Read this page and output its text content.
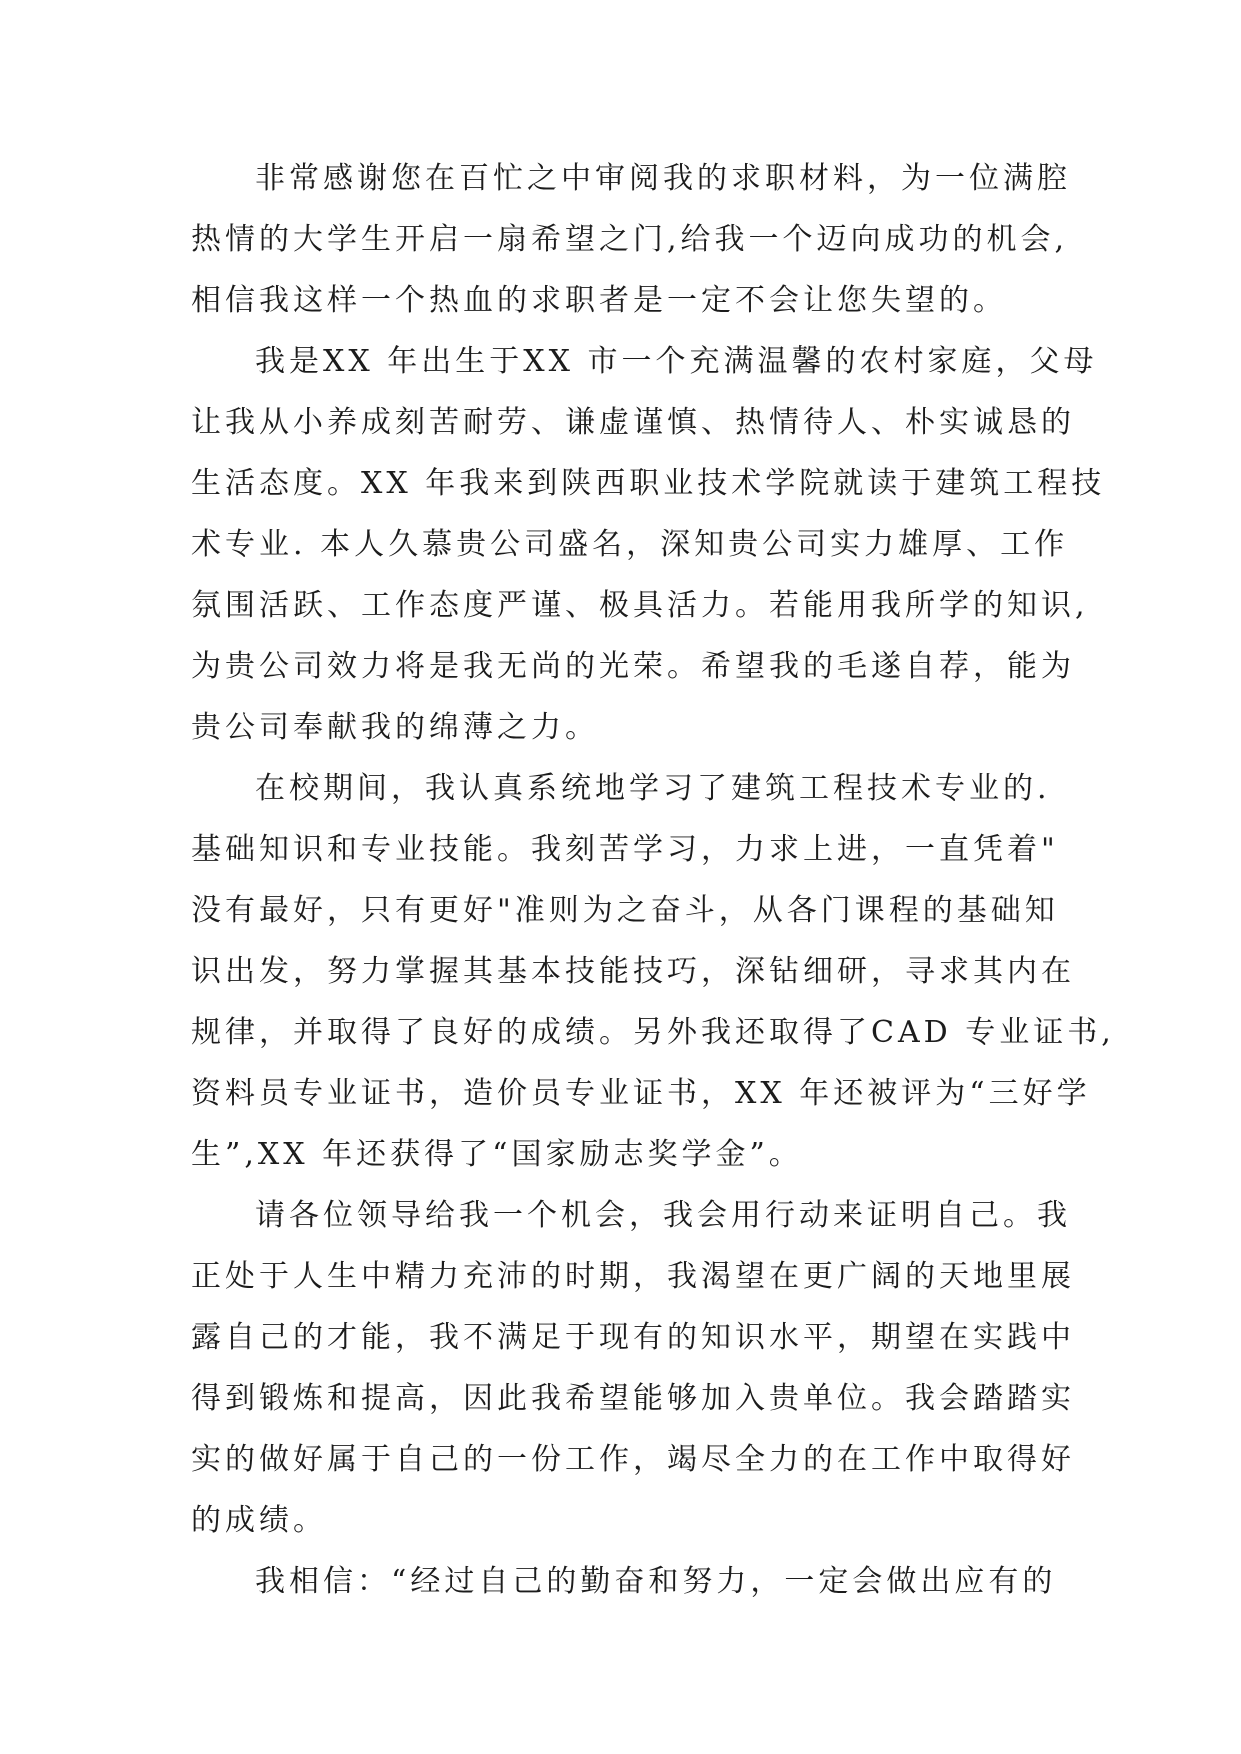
非常感谢您在百忙之中审阅我的求职材料，为一位满腔
热情的大学生开启一扇希望之门,给我一个迈向成功的机会,
相信我这样一个热血的求职者是一定不会让您失望的。

我是XX 年出生于XX 市一个充满温馨的农村家庭，父母
让我从小养成刻苦耐劳、谦虚谨慎、热情待人、朴实诚恳的
生活态度。XX 年我来到陕西职业技术学院就读于建筑工程技
术专业. 本人久慕贵公司盛名，深知贵公司实力雄厚、工作
氛围活跃、工作态度严谨、极具活力。若能用我所学的知识,
为贵公司效力将是我无尚的光荣。希望我的毛遂自荐，能为
贵公司奉献我的绵薄之力。

在校期间，我认真系统地学习了建筑工程技术专业的.
基础知识和专业技能。我刻苦学习，力求上进，一直凭着"
没有最好，只有更好"准则为之奋斗，从各门课程的基础知
识出发，努力掌握其基本技能技巧，深钻细研，寻求其内在
规律，并取得了良好的成绩。另外我还取得了CAD 专业证书,
资料员专业证书，造价员专业证书，XX 年还被评为“三好学
生”,XX 年还获得了“国家励志奖学金”。

请各位领导给我一个机会，我会用行动来证明自己。我
正处于人生中精力充沛的时期，我渴望在更广阔的天地里展
露自己的才能，我不满足于现有的知识水平，期望在实践中
得到锻炼和提高，因此我希望能够加入贵单位。我会踏踏实
实的做好属于自己的一份工作，竭尽全力的在工作中取得好
的成绩。

我相信：“经过自己的勤奋和努力，一定会做出应有的
